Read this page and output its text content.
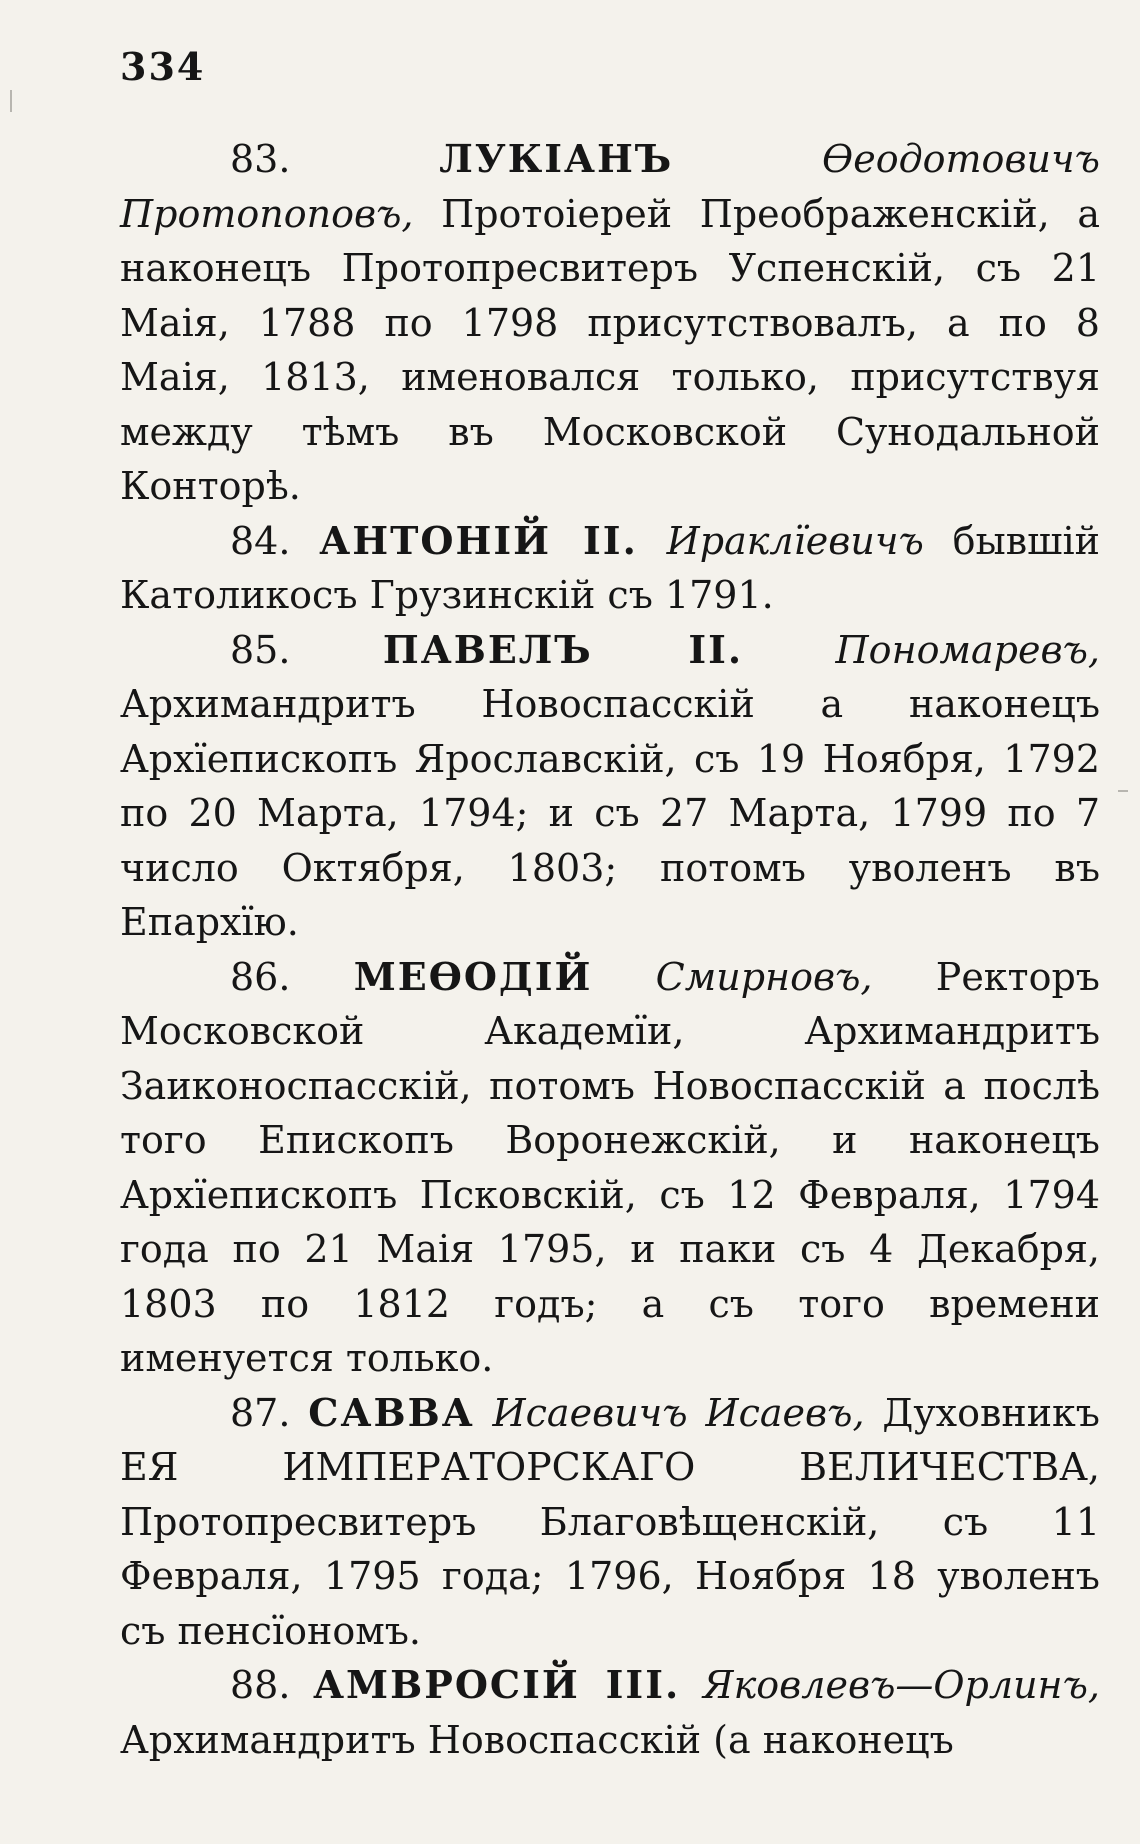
334

83.	ЛУКІАНЪ	Ѳеодотовичъ Протопоповъ, Протоіерей Преображенскій, а наконецъ Протопресвитеръ Успенскій, съ 21 Маія, 1788 по 1798 присутствовалъ, а по 8 Маія, 1813, именовался только, присутствуя между тѣмъ въ Московской Сунодальной Конторѣ.

84. АНТОНІЙ II. Ираклїевичъ бывшій Католикосъ Грузинскій съ 1791.

85. ПАВЕЛЪ II. Пономаревъ, Архимандритъ Новоспасскій а наконецъ Архїепископъ Ярославскій, съ 19 Ноября, 1792 по 20 Марта, 1794; и съ 27 Марта, 1799 по 7 число Октября, 1803; потомъ уволенъ въ Епархїю.

86. МЕѲОДІЙ Смирновъ, Ректоръ Московской Академїи, Архимандритъ Заиконоспасскій, потомъ Новоспасскій а послѣ того Епископъ Воронежскій, и наконецъ Архїепископъ Псковскій, съ 12 Февраля, 1794 года по 21 Маія 1795, и паки съ 4 Декабря, 1803 по 1812 годъ; а съ того времени именуется только.

87. САВВА Исаевичъ Исаевъ, Духовникъ ЕЯ ИМПЕРАТОРСКАГО ВЕЛИЧЕСТВА, Протопресвитеръ Благовѣщенскій, съ 11 Февраля, 1795 года; 1796, Ноября 18 уволенъ съ пенсїономъ.

88. АМВРОСІЙ III. Яковлевъ—Орлинъ, Архимандритъ Новоспасскій (а наконецъ
